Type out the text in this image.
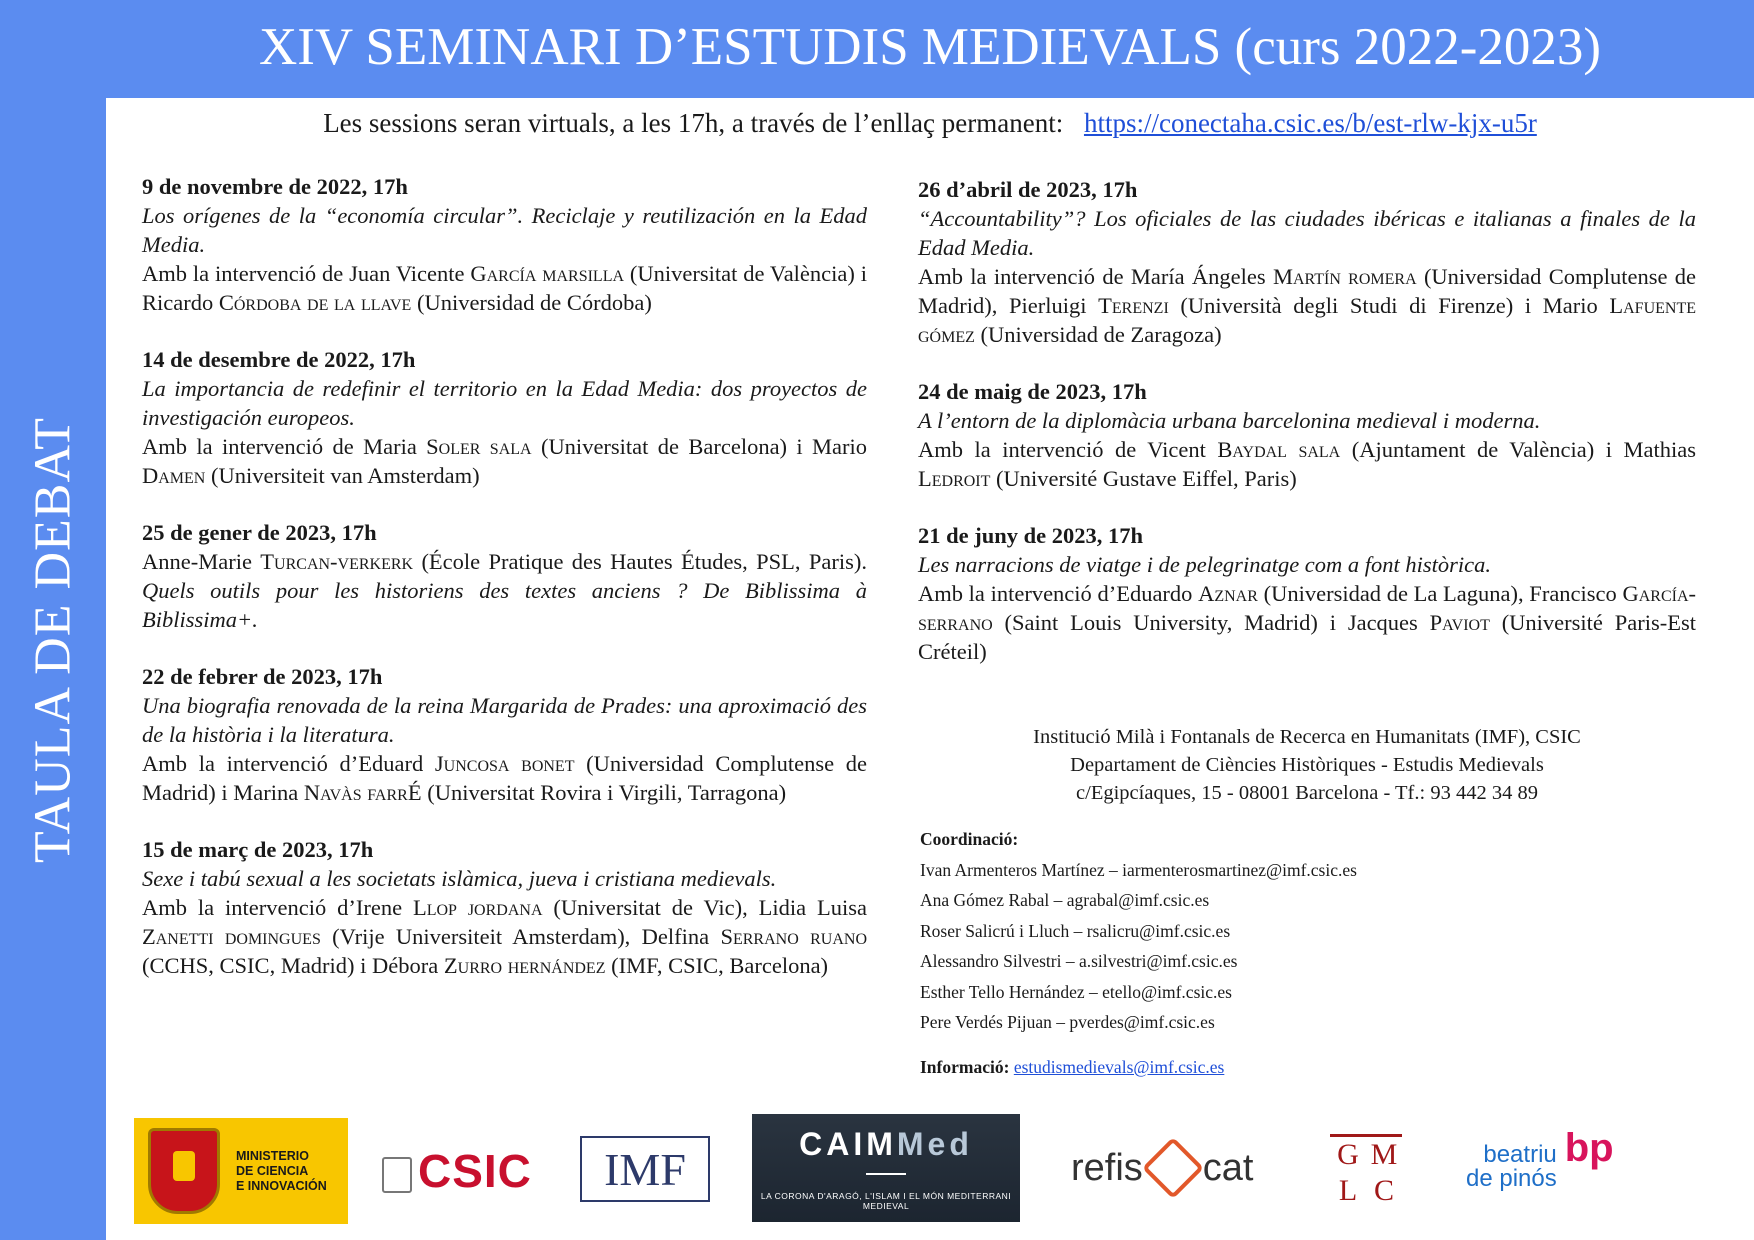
TAULA DE DEBAT
XIV SEMINARI D’ESTUDIS MEDIEVALS (curs 2022-2023)
Les sessions seran virtuals, a les 17h, a través de l’enllaç permanent: https://conectaha.csic.es/b/est-rlw-kjx-u5r
9 de novembre de 2022, 17h
Los orígenes de la “economía circular”. Reciclaje y reutilización en la Edad Media.
Amb la intervenció de Juan Vicente García marsilla (Universitat de València) i Ricardo Córdoba de la llave (Universidad de Córdoba)
14 de desembre de 2022, 17h
La importancia de redefinir el territorio en la Edad Media: dos proyectos de investigación europeos.
Amb la intervenció de Maria Soler sala (Universitat de Barcelona) i Mario Damen (Universiteit van Amsterdam)
25 de gener de 2023, 17h
Anne-Marie Turcan-verkerk (École Pratique des Hautes Études, PSL, Paris). Quels outils pour les historiens des textes anciens ? De Biblissima à Biblissima+.
22 de febrer de 2023, 17h
Una biografia renovada de la reina Margarida de Prades: una aproximació des de la història i la literatura.
Amb la intervenció d’Eduard Juncosa bonet (Universidad Complutense de Madrid) i Marina Navàs farrÉ (Universitat Rovira i Virgili, Tarragona)
15 de març de 2023, 17h
Sexe i tabú sexual a les societats islàmica, jueva i cristiana medievals.
Amb la intervenció d’Irene Llop jordana (Universitat de Vic), Lidia Luisa Zanetti domingues (Vrije Universiteit Amsterdam), Delfina Serrano ruano (CCHS, CSIC, Madrid) i Débora Zurro hernández (IMF, CSIC, Barcelona)
26 d’abril de 2023, 17h
“Accountability”? Los oficiales de las ciudades ibéricas e italianas a finales de la Edad Media.
Amb la intervenció de María Ángeles Martín romera (Universidad Complutense de Madrid), Pierluigi Terenzi (Università degli Studi di Firenze) i Mario Lafuente gómez (Universidad de Zaragoza)
24 de maig de 2023, 17h
A l’entorn de la diplomàcia urbana barcelonina medieval i moderna.
Amb la intervenció de Vicent Baydal sala (Ajuntament de València) i Mathias Ledroit (Université Gustave Eiffel, Paris)
21 de juny de 2023, 17h
Les narracions de viatge i de pelegrinatge com a font històrica.
Amb la intervenció d’Eduardo Aznar (Universidad de La Laguna), Francisco García-serrano (Saint Louis University, Madrid) i Jacques Paviot (Université Paris-Est Créteil)
Institució Milà i Fontanals de Recerca en Humanitats (IMF), CSIC
Departament de Ciències Històriques - Estudis Medievals
c/Egipcíaques, 15 - 08001 Barcelona - Tf.: 93 442 34 89
Coordinació:
Ivan Armenteros Martínez – iarmenterosmartinez@imf.csic.es
Ana Gómez Rabal – agrabal@imf.csic.es
Roser Salicrú i Lluch – rsalicru@imf.csic.es
Alessandro Silvestri – a.silvestri@imf.csic.es
Esther Tello Hernández – etello@imf.csic.es
Pere Verdés Pijuan – pverdes@imf.csic.es
Informació: estudismedievals@imf.csic.es
MINISTERIO
DE CIENCIA
E INNOVACIÓN	CSIC IMF	CAIMMed
LA CORONA D'ARAGÓ, L'ISLAM I EL MÓN MEDITERRANI MEDIEVAL
refis cat	G M
L C
beatriu
de pinós
$^{bp}$
